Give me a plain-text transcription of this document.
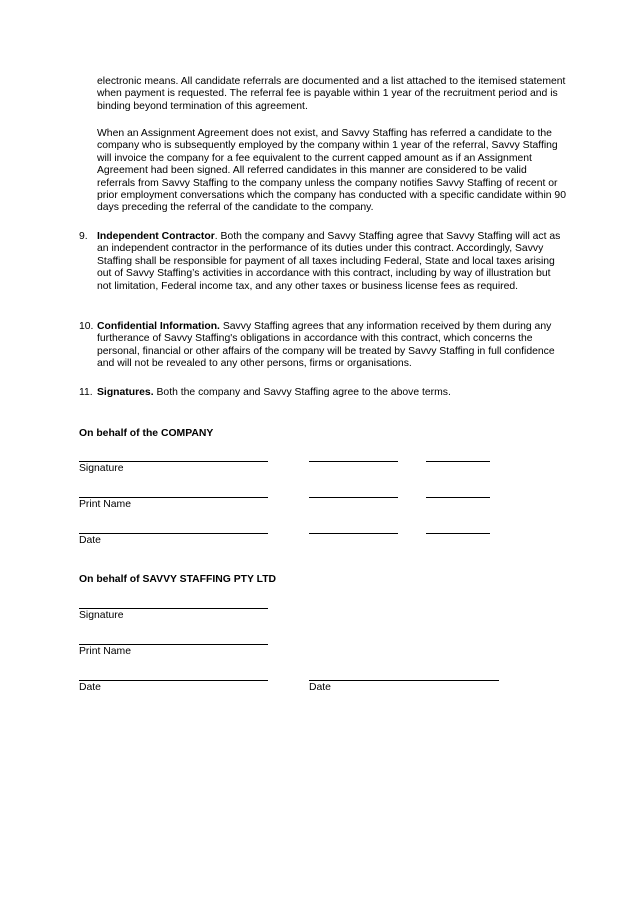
electronic means. All candidate referrals are documented and a list attached to the itemised statement when payment is requested. The referral fee is payable within 1 year of the recruitment period and is binding beyond termination of this agreement.

When an Assignment Agreement does not exist, and Savvy Staffing has referred a candidate to the company who is subsequently employed by the company within 1 year of the referral, Savvy Staffing will invoice the company for a fee equivalent to the current capped amount as if an Assignment Agreement had been signed. All referred candidates in this manner are considered to be valid referrals from Savvy Staffing to the company unless the company notifies Savvy Staffing of recent or prior employment conversations which the company has conducted with a specific candidate within 90 days preceding the referral of the candidate to the company.

9. Independent Contractor. Both the company and Savvy Staffing agree that Savvy Staffing will act as an independent contractor in the performance of its duties under this contract. Accordingly, Savvy Staffing shall be responsible for payment of all taxes including Federal, State and local taxes arising out of Savvy Staffing’s activities in accordance with this contract, including by way of illustration but not limitation, Federal income tax, and any other taxes or business license fees as required.

10. Confidential Information. Savvy Staffing agrees that any information received by them during any furtherance of Savvy Staffing's obligations in accordance with this contract, which concerns the personal, financial or other affairs of the company will be treated by Savvy Staffing in full confidence and will not be revealed to any other persons, firms or organisations.

11. Signatures. Both the company and Savvy Staffing agree to the above terms.

On behalf of the COMPANY
Signature
Print Name
Date
On behalf of SAVVY STAFFING PTY LTD
Signature
Print Name
Date	Date
